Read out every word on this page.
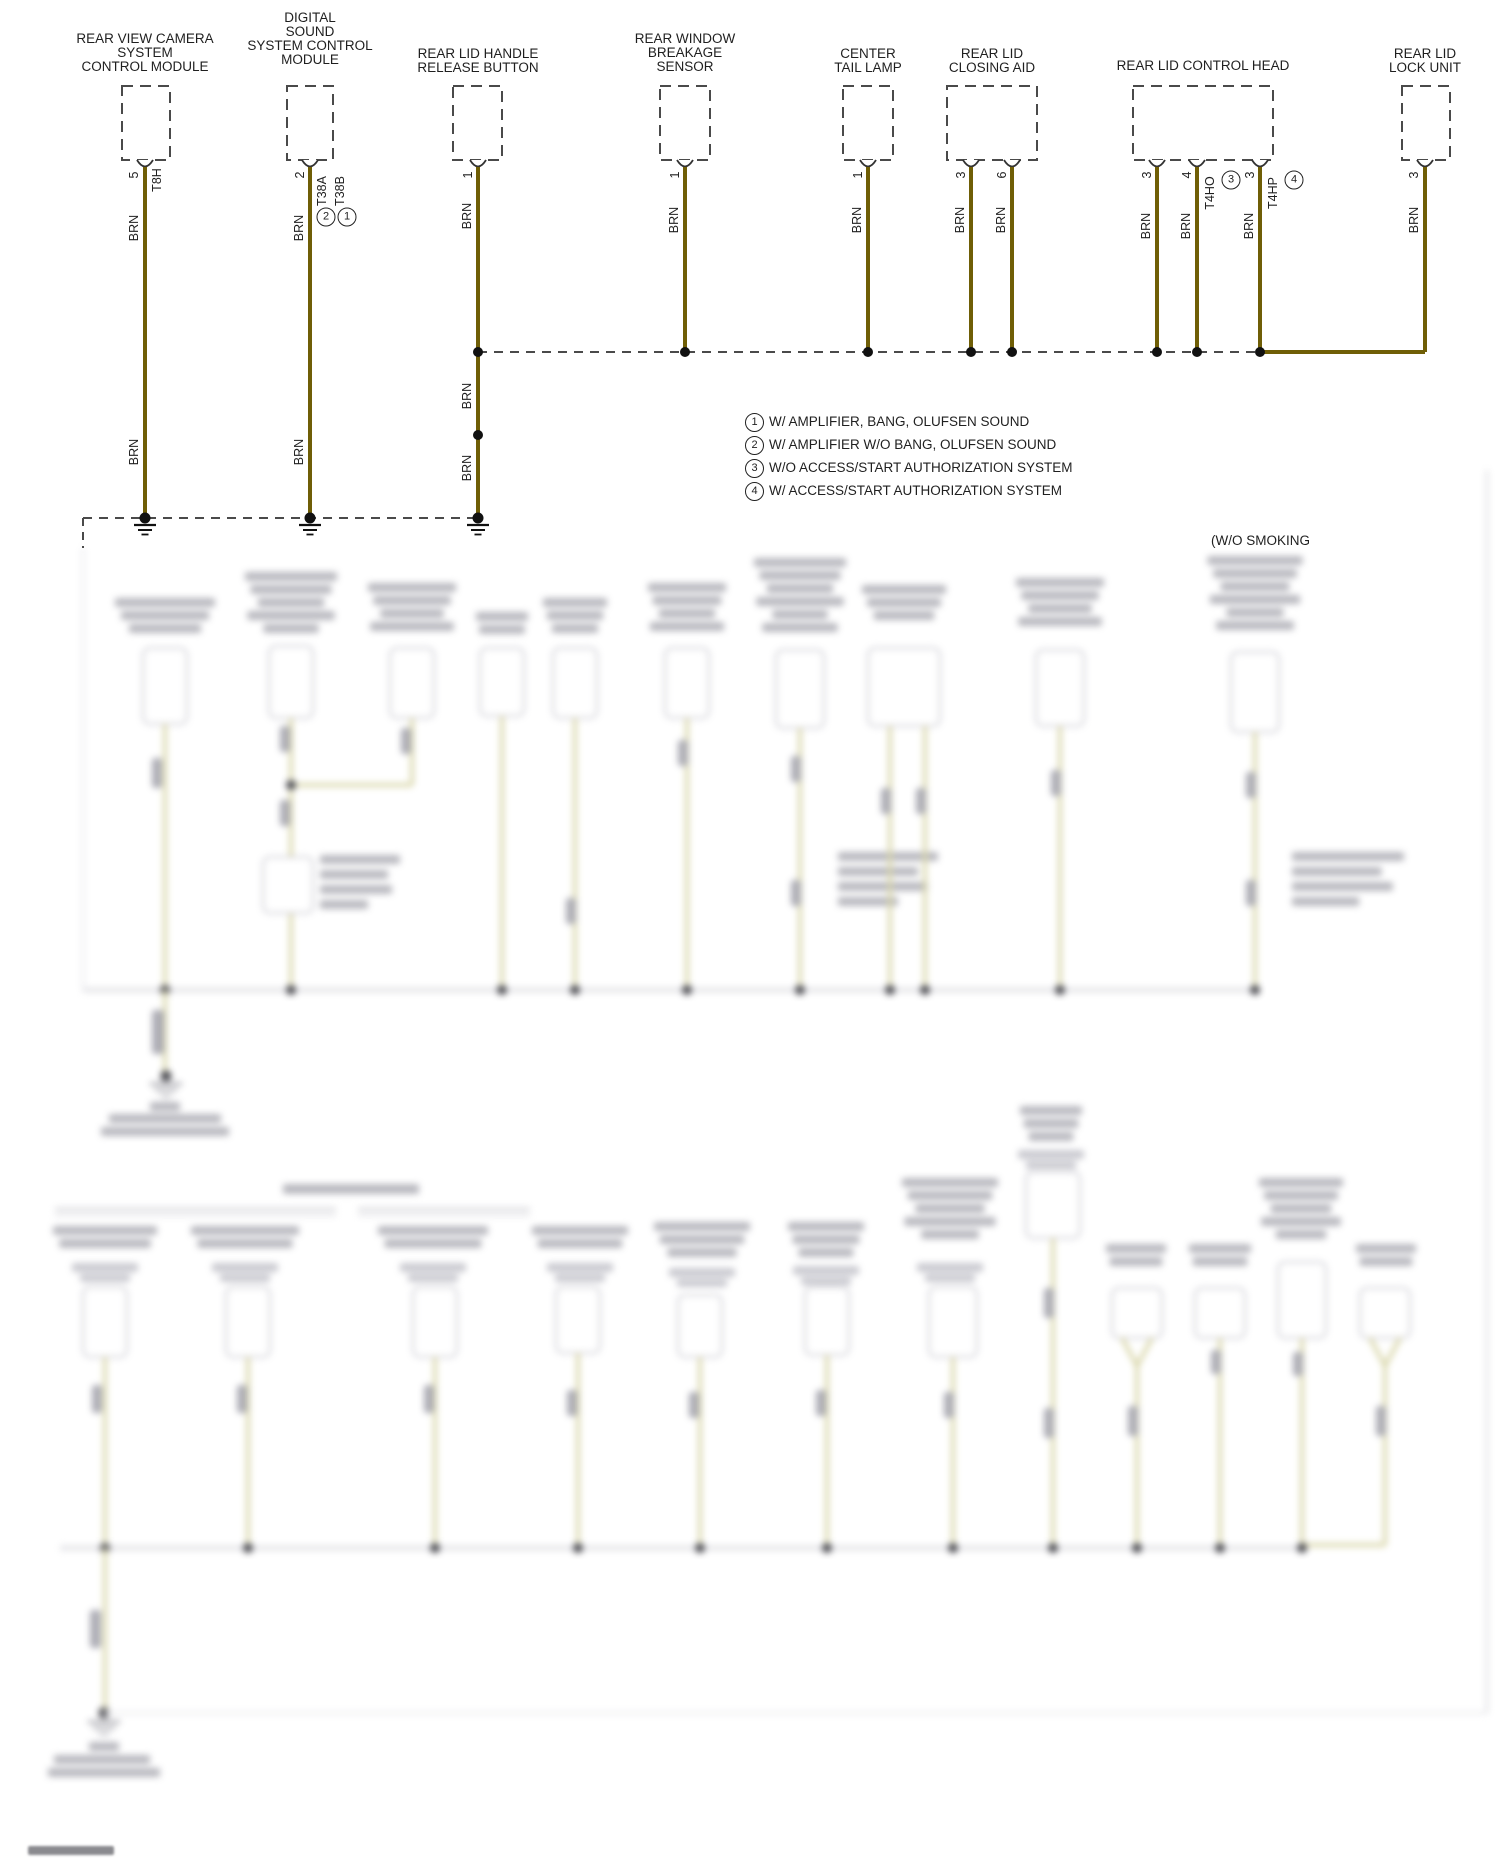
REAR VIEW CAMERA
SYSTEM
CONTROL MODULE
DIGITAL
SOUND
SYSTEM CONTROL
MODULE	REAR LID HANDLE
RELEASE BUTTON
REAR WINDOW
BREAKAGE
SENSOR
CENTER
TAIL LAMP
REAR LID
CLOSING AID	REAR LID CONTROL HEAD
REAR LID
LOCK UNIT
5 T8H	2
T38A T38B
2	1
1	1	1	3 6	3 4
T4HO 3 3
T4HP 4	3
BRN
BRN
BRN
BRN
BRN
BRN
BRN
BRN	BRN	BRN BRN	BRN BRN	BRN	BRN
1 W/ AMPLIFIER, BANG, OLUFSEN SOUND
2 W/ AMPLIFIER W/O BANG, OLUFSEN SOUND
3 W/O ACCESS/START AUTHORIZATION SYSTEM
4 W/ ACCESS/START AUTHORIZATION SYSTEM
(W/O SMOKING
